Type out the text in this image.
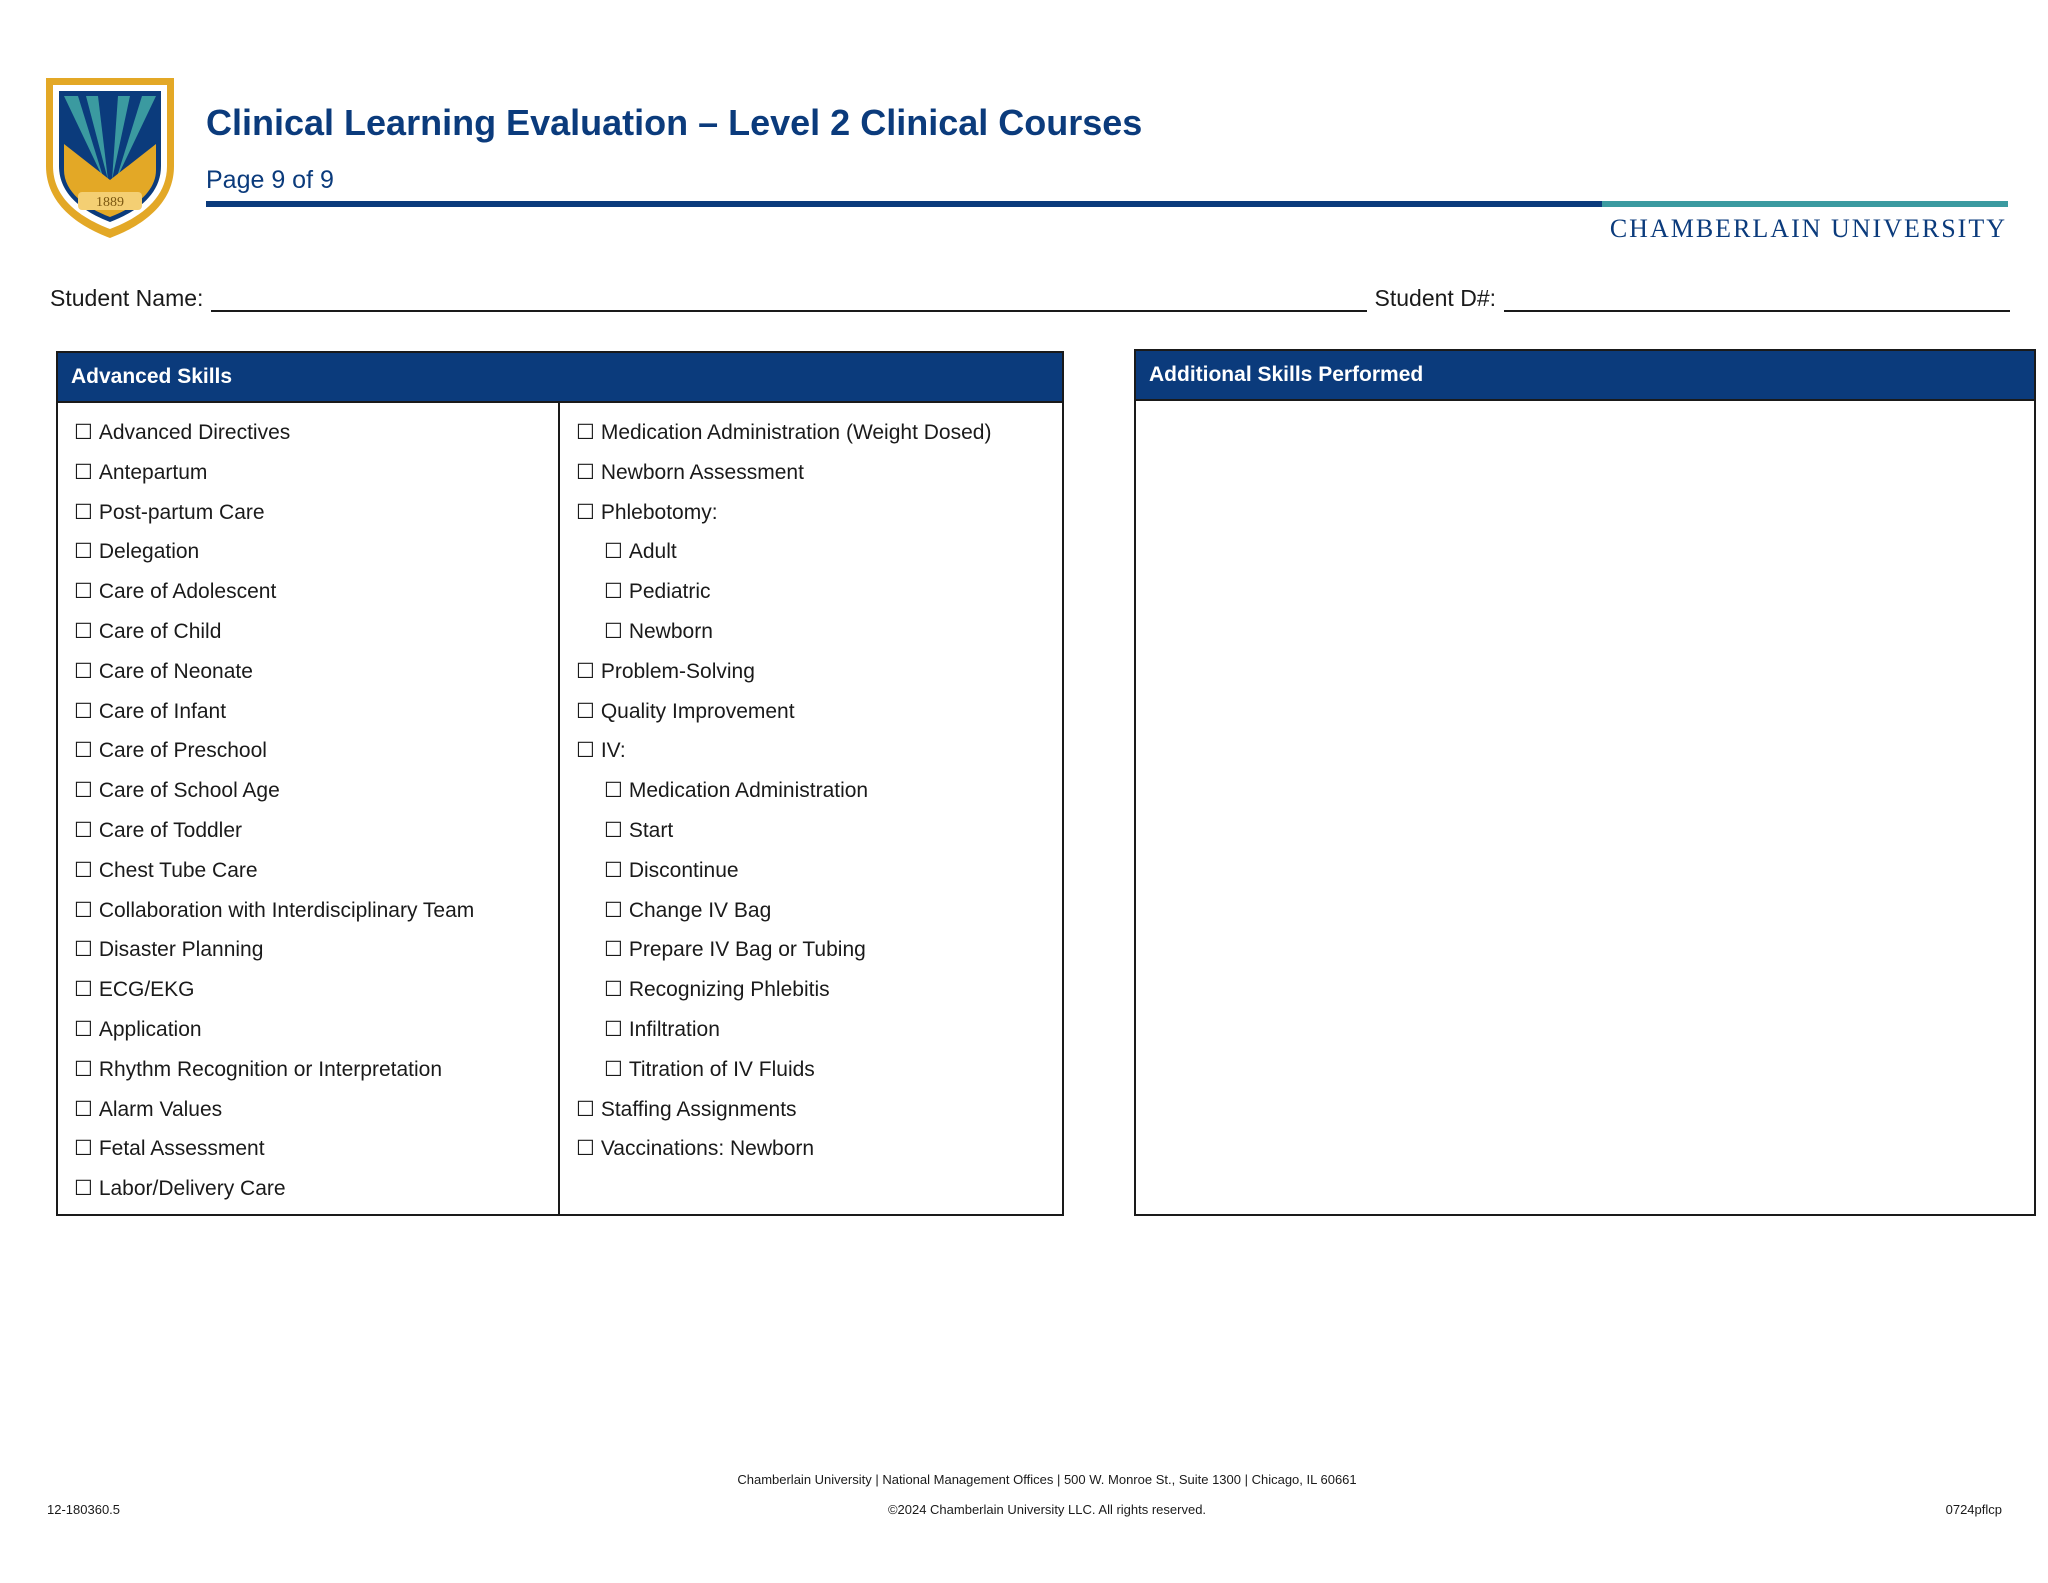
1889
Clinical Learning Evaluation – Level 2 Clinical Courses

Page 9 of 9

CHAMBERLAIN UNIVERSITY

Student Name:	Student D#:
Advanced Skills
☐ Advanced Directives
☐ Antepartum
☐ Post-partum Care
☐ Delegation
☐ Care of Adolescent
☐ Care of Child
☐ Care of Neonate
☐ Care of Infant
☐ Care of Preschool
☐ Care of School Age
☐ Care of Toddler
☐ Chest Tube Care
☐ Collaboration with Interdisciplinary Team
☐ Disaster Planning
☐ ECG/EKG
☐ Application
☐ Rhythm Recognition or Interpretation
☐ Alarm Values
☐ Fetal Assessment
☐ Labor/Delivery Care
☐ Medication Administration (Weight Dosed)
☐ Newborn Assessment
☐ Phlebotomy:
☐ Adult
☐ Pediatric
☐ Newborn
☐ Problem-Solving
☐ Quality Improvement
☐ IV:
☐ Medication Administration
☐ Start
☐ Discontinue
☐ Change IV Bag
☐ Prepare IV Bag or Tubing
☐ Recognizing Phlebitis
☐ Infiltration
☐ Titration of IV Fluids
☐ Staffing Assignments
☐ Vaccinations: Newborn
Additional Skills Performed
Chamberlain University | National Management Offices | 500 W. Monroe St., Suite 1300 | Chicago, IL 60661
©2024 Chamberlain University LLC. All rights reserved.
12-180360.5	0724pflcp
